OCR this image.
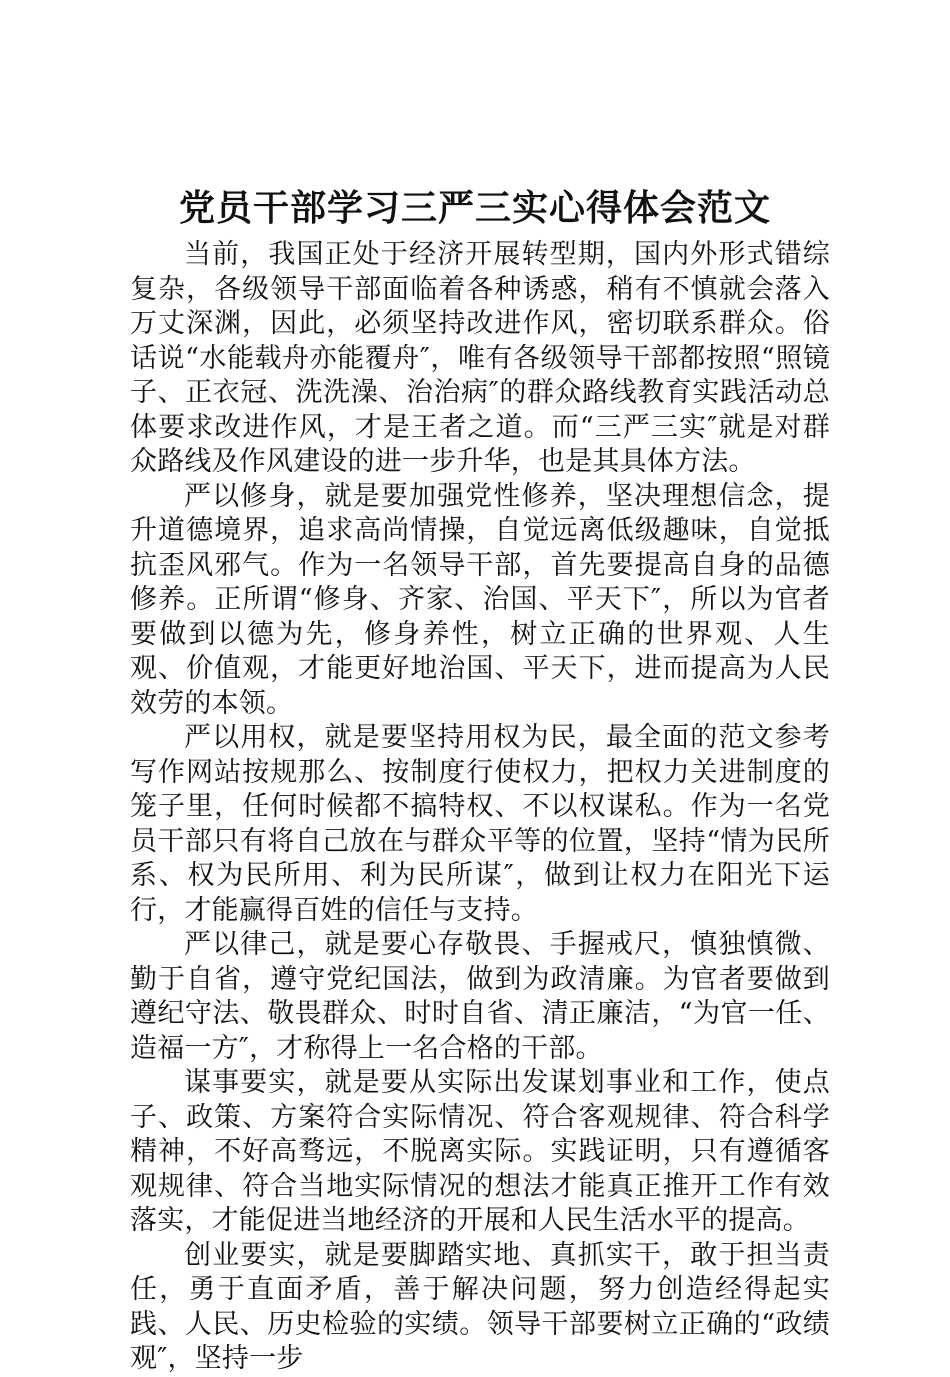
党员干部学习三严三实心得体会范文

当前，我国正处于经济开展转型期，国内外形式错综复杂，各级领导干部面临着各种诱惑，稍有不慎就会落入万丈深渊，因此，必须坚持改进作风，密切联系群众。俗话说“水能载舟亦能覆舟″，唯有各级领导干部都按照“照镜子、正衣冠、洗洗澡、治治病″的群众路线教育实践活动总体要求改进作风，才是王者之道。而“三严三实″就是对群众路线及作风建设的进一步升华，也是其具体方法。

严以修身，就是要加强党性修养，坚决理想信念，提升道德境界，追求高尚情操，自觉远离低级趣味，自觉抵抗歪风邪气。作为一名领导干部，首先要提高自身的品德修养。正所谓“修身、齐家、治国、平天下″，所以为官者要做到以德为先，修身养性，树立正确的世界观、人生观、价值观，才能更好地治国、平天下，进而提高为人民效劳的本领。

严以用权，就是要坚持用权为民，最全面的范文参考写作网站按规那么、按制度行使权力，把权力关进制度的笼子里，任何时候都不搞特权、不以权谋私。作为一名党员干部只有将自己放在与群众平等的位置，坚持“情为民所系、权为民所用、利为民所谋″，做到让权力在阳光下运行，才能赢得百姓的信任与支持。

严以律己，就是要心存敬畏、手握戒尺，慎独慎微、勤于自省，遵守党纪国法，做到为政清廉。为官者要做到遵纪守法、敬畏群众、时时自省、清正廉洁，“为官一任、造福一方″，才称得上一名合格的干部。

谋事要实，就是要从实际出发谋划事业和工作，使点子、政策、方案符合实际情况、符合客观规律、符合科学精神，不好高骛远，不脱离实际。实践证明，只有遵循客观规律、符合当地实际情况的想法才能真正推开工作有效落实，才能促进当地经济的开展和人民生活水平的提高。

创业要实，就是要脚踏实地、真抓实干，敢于担当责任，勇于直面矛盾，善于解决问题，努力创造经得起实践、人民、历史检验的实绩。领导干部要树立正确的“政绩观″，坚持一步
